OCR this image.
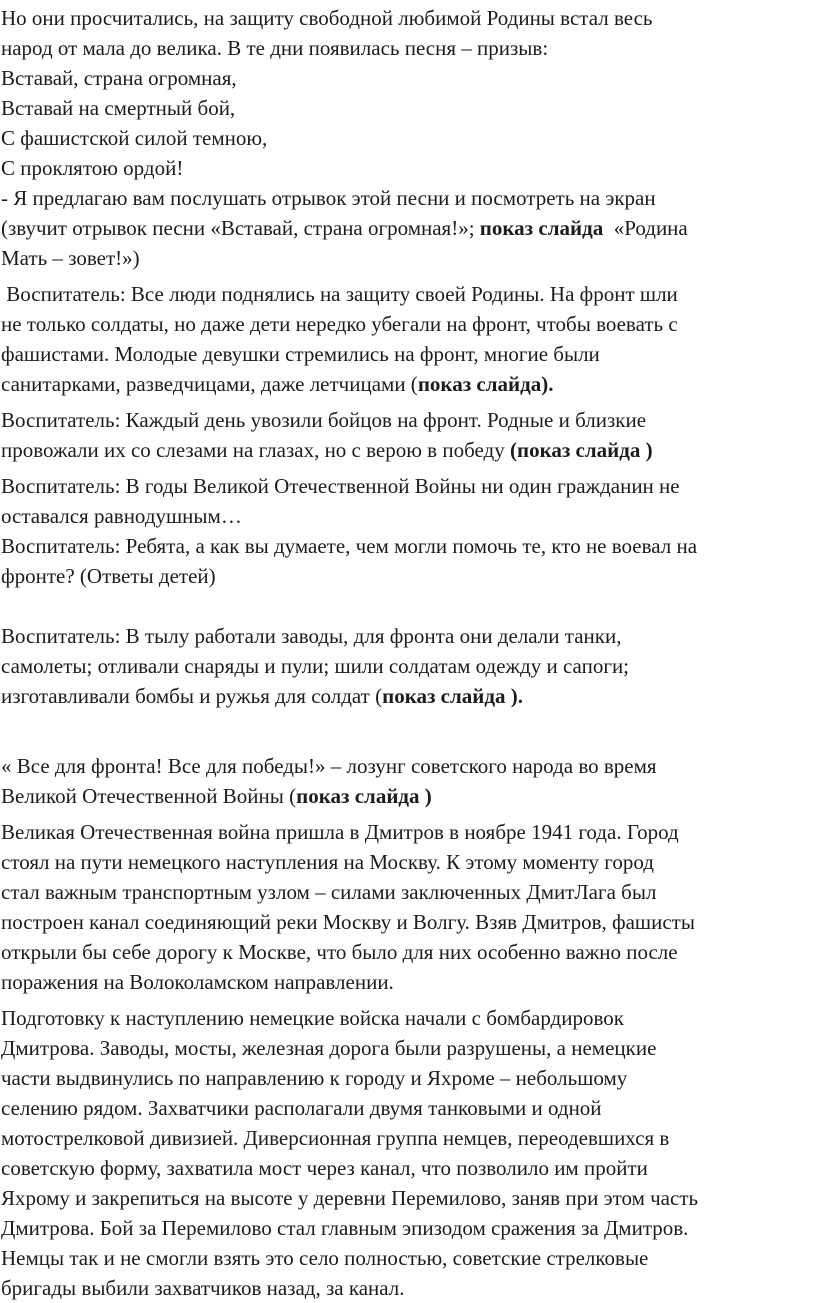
Но они просчитались, на защиту свободной любимой Родины встал весь
народ от мала до велика. В те дни появилась песня – призыв:
Вставай, страна огромная,
Вставай на смертный бой,
С фашистской силой темною,
С проклятою ордой!
- Я предлагаю вам послушать отрывок этой песни и посмотреть на экран
(звучит отрывок песни «Вставай, страна огромная!»; показ слайда  «Родина
Мать – зовет!»)
Воспитатель: Все люди поднялись на защиту своей Родины. На фронт шли
не только солдаты, но даже дети нередко убегали на фронт, чтобы воевать с
фашистами. Молодые девушки стремились на фронт, многие были
санитарками, разведчицами, даже летчицами (показ слайда).
Воспитатель: Каждый день увозили бойцов на фронт. Родные и близкие
провожали их со слезами на глазах, но с верою в победу (показ слайда )
Воспитатель: В годы Великой Отечественной Войны ни один гражданин не
оставался равнодушным…
Воспитатель: Ребята, а как вы думаете, чем могли помочь те, кто не воевал на
фронте? (Ответы детей)
Воспитатель: В тылу работали заводы, для фронта они делали танки,
самолеты; отливали снаряды и пули; шили солдатам одежду и сапоги;
изготавливали бомбы и ружья для солдат (показ слайда ).
« Все для фронта! Все для победы!» – лозунг советского народа во время
Великой Отечественной Войны (показ слайда )
Великая Отечественная война пришла в Дмитров в ноябре 1941 года. Город
стоял на пути немецкого наступления на Москву. К этому моменту город
стал важным транспортным узлом – силами заключенных ДмитЛага был
построен канал соединяющий реки Москву и Волгу. Взяв Дмитров, фашисты
открыли бы себе дорогу к Москве, что было для них особенно важно после
поражения на Волоколамском направлении.
Подготовку к наступлению немецкие войска начали с бомбардировок
Дмитрова. Заводы, мосты, железная дорога были разрушены, а немецкие
части выдвинулись по направлению к городу и Яхроме – небольшому
селению рядом. Захватчики располагали двумя танковыми и одной
мотострелковой дивизией. Диверсионная группа немцев, переодевшихся в
советскую форму, захватила мост через канал, что позволило им пройти
Яхрому и закрепиться на высоте у деревни Перемилово, заняв при этом часть
Дмитрова. Бой за Перемилово стал главным эпизодом сражения за Дмитров.
Немцы так и не смогли взять это село полностью, советские стрелковые
бригады выбили захватчиков назад, за канал.
